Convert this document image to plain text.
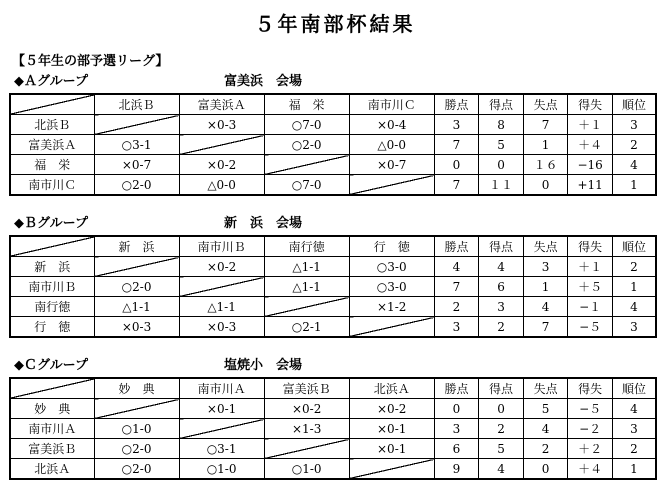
５年南部杯結果
【５年生の部予選リーグ】
◆Ａグループ	富美浜　会場
	北浜Ｂ	富美浜Ａ	福　栄	南市川Ｃ	勝点	得点	失点	得失	順位
北浜Ｂ		×0-3	○7-0	×0-4	3	8	7	＋１	3
富美浜Ａ	○3-1		○2-0	△0-0	7	5	1	＋４	2
福　栄	×0-7	×0-2		×0-7	0	0	１６	−16	4
南市川Ｃ	○2-0	△0-0	○7-0		7	１１	0	+11	1
◆Ｂグループ	新　浜　会場
	新　浜	南市川Ｂ	南行徳	行　徳	勝点	得点	失点	得失	順位
新　浜		×0-2	△1-1	○3-0	4	4	3	＋１	2
南市川Ｂ	○2-0		△1-1	○3-0	7	6	1	＋５	1
南行徳	△1-1	△1-1		×1-2	2	3	4	−１	4
行　徳	×0-3	×0-3	○2-1		3	2	7	−５	3
◆Ｃグループ	塩焼小　会場
	妙　典	南市川Ａ	富美浜Ｂ	北浜Ａ	勝点	得点	失点	得失	順位
妙　典		×0-1	×0-2	×0-2	0	0	5	−５	4
南市川Ａ	○1-0		×1-3	×0-1	3	2	4	−２	3
富美浜Ｂ	○2-0	○3-1		×0-1	6	5	2	＋２	2
北浜Ａ	○2-0	○1-0	○1-0		9	4	0	＋４	1
